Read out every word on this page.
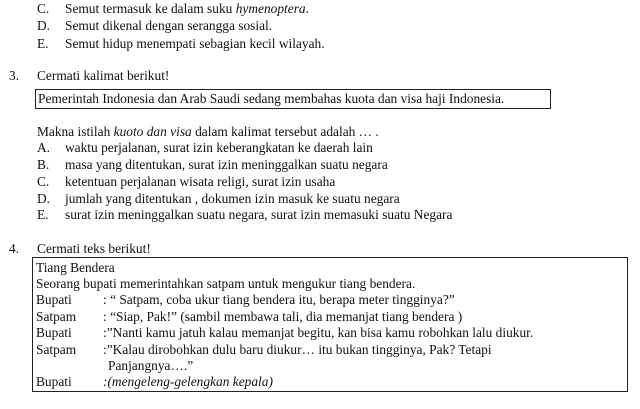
C. Semut termasuk ke dalam suku hymenoptera.
D. Semut dikenal dengan serangga sosial.
E. Semut hidup menempati sebagian kecil wilayah.
3. Cermati kalimat berikut!
Pemerintah Indonesia dan Arab Saudi sedang membahas kuota dan visa haji Indonesia.
Makna istilah kuoto dan visa dalam kalimat tersebut adalah … .
A. waktu perjalanan, surat izin keberangkatan ke daerah lain
B. masa yang ditentukan, surat izin meninggalkan suatu negara
C. ketentuan perjalanan wisata religi, surat izin usaha
D. jumlah yang ditentukan , dokumen izin masuk ke suatu negara
E. surat izin meninggalkan suatu negara, surat izin memasuki suatu Negara
4. Cermati teks berikut!
Tiang Bendera
Seorang bupati memerintahkan satpam untuk mengukur tiang bendera.
Bupati : “ Satpam, coba ukur tiang bendera itu, berapa meter tingginya?”
Satpam : “Siap, Pak!” (sambil membawa tali, dia memanjat tiang bendera )
Bupati :”Nanti kamu jatuh kalau memanjat begitu, kan bisa kamu robohkan lalu diukur.
Satpam :”Kalau dirobohkan dulu baru diukur… itu bukan tingginya, Pak? Tetapi
Panjangnya….”
Bupati :(mengeleng-gelengkan kepala)
